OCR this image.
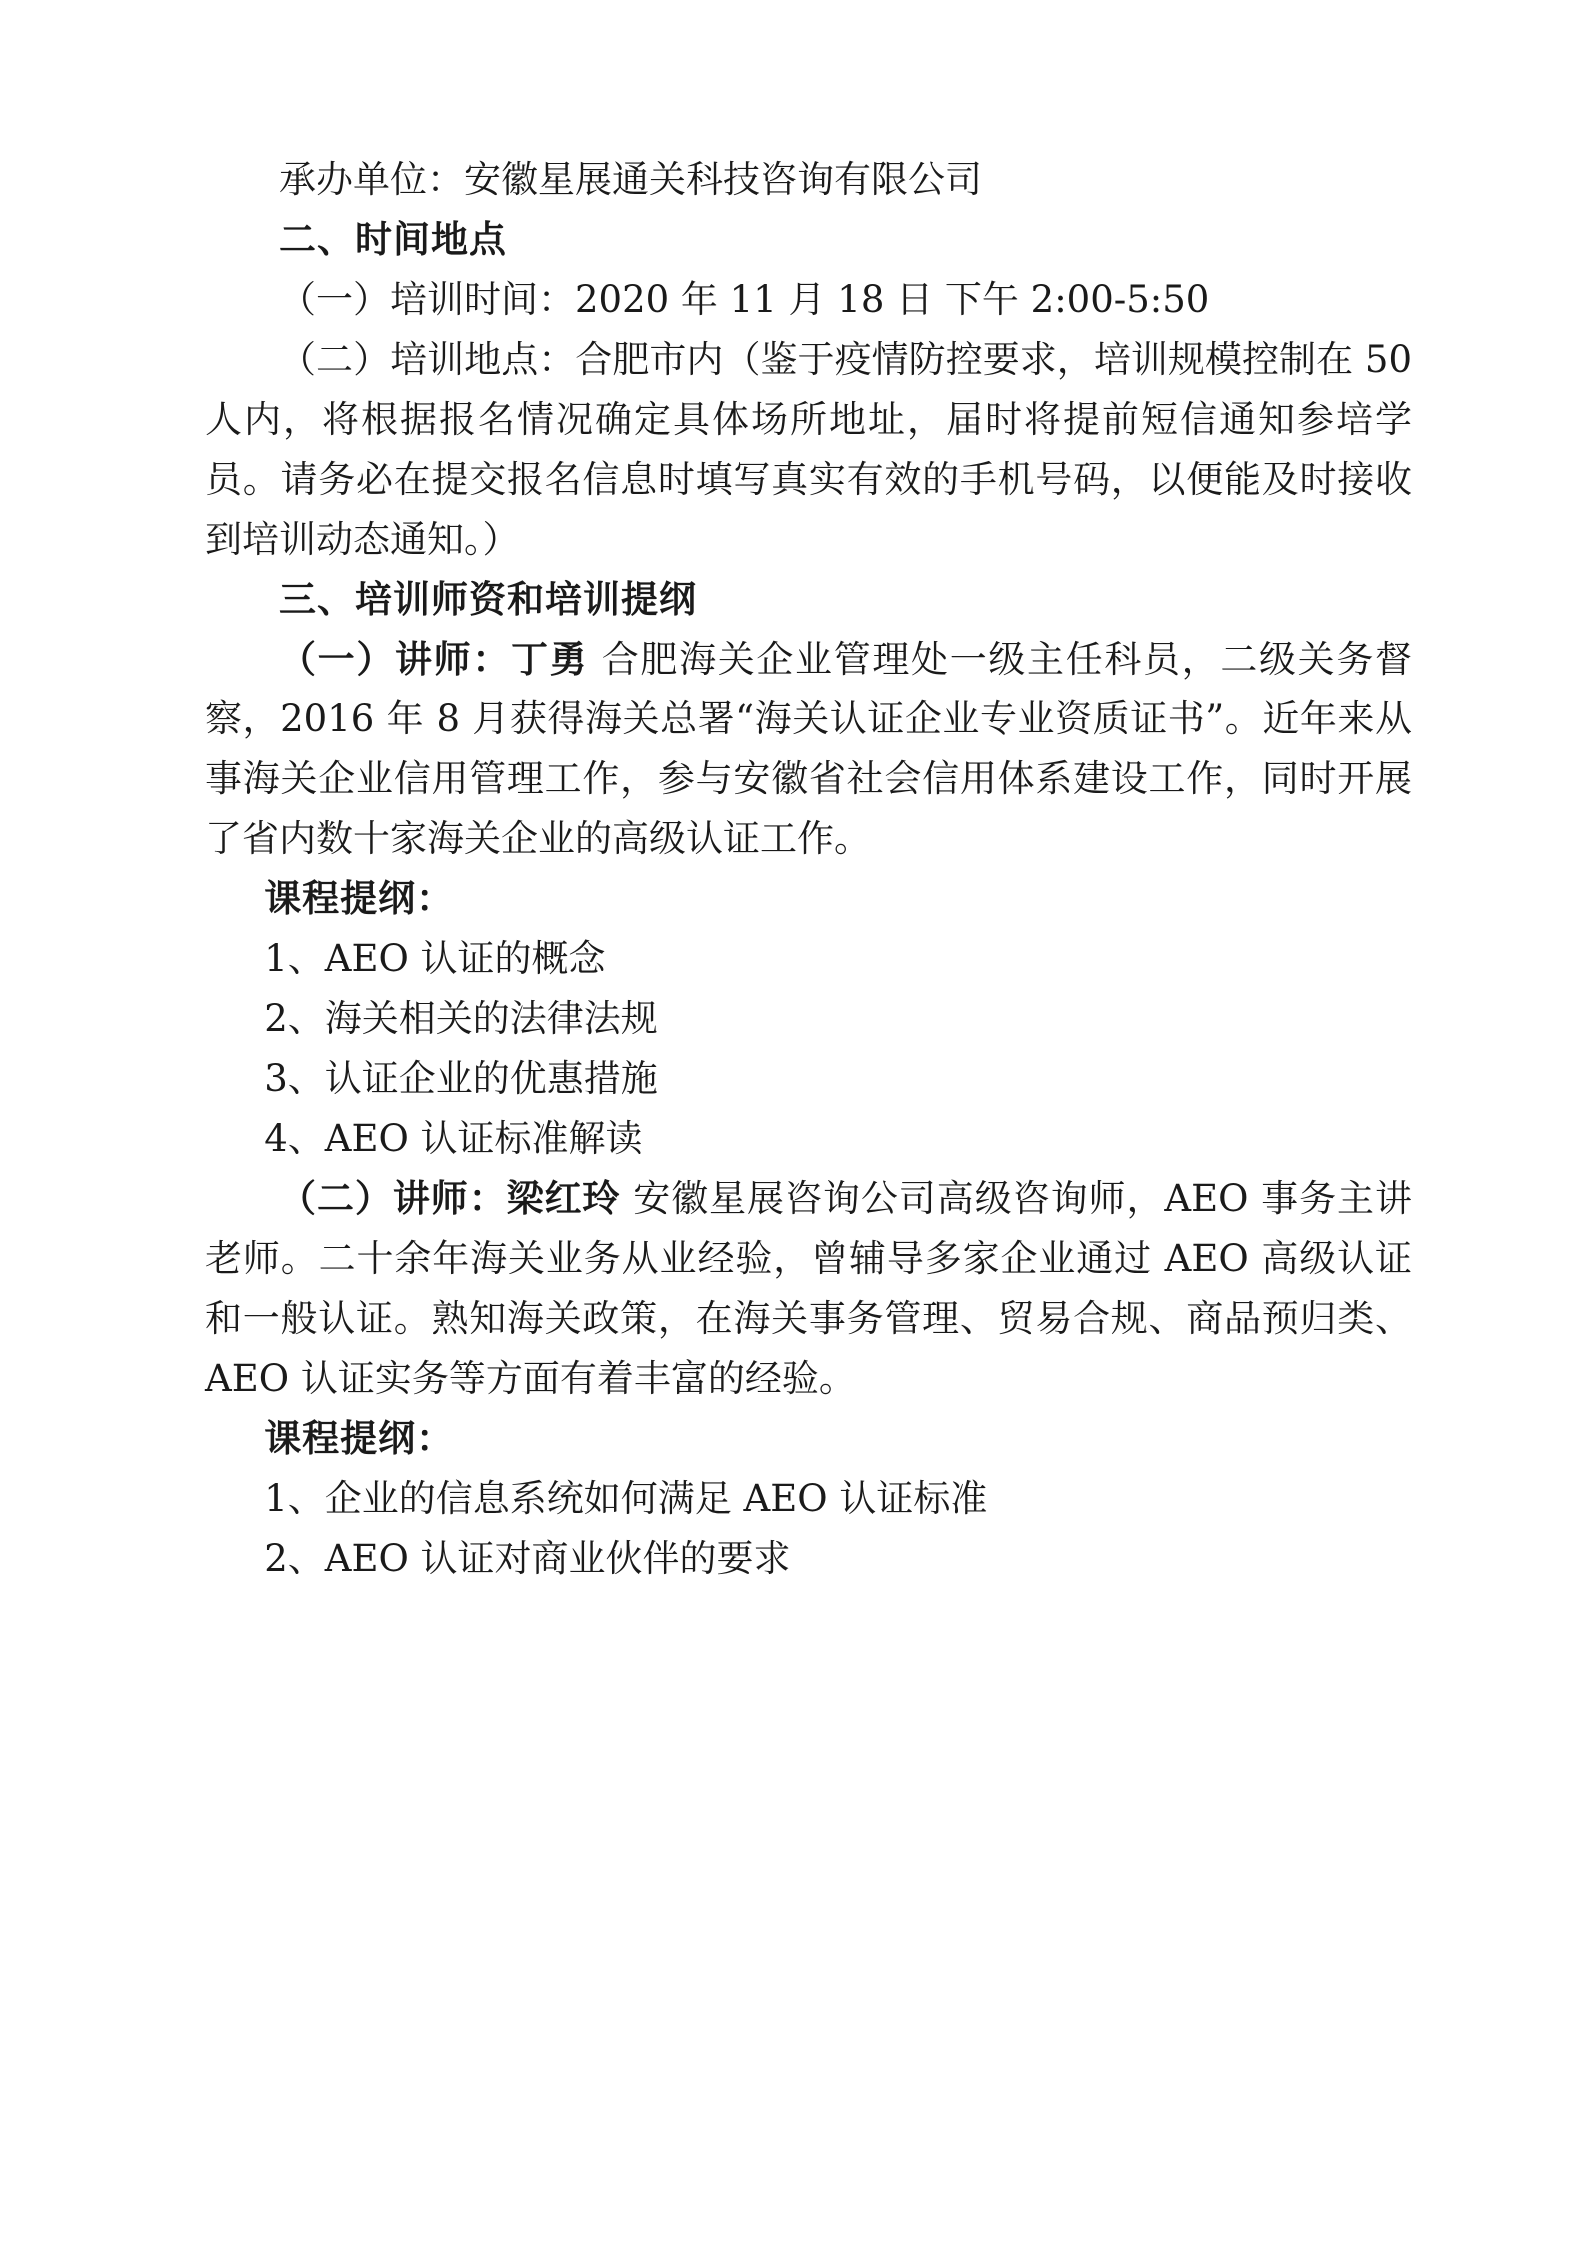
承办单位：安徽星展通关科技咨询有限公司

二、时间地点

（一）培训时间：2020 年 11 月 18 日 下午 2:00-5:50

（二）培训地点：合肥市内（鉴于疫情防控要求，培训规模控制在 50 人内，将根据报名情况确定具体场所地址，届时将提前短信通知参培学员。请务必在提交报名信息时填写真实有效的手机号码，以便能及时接收到培训动态通知。）

三、培训师资和培训提纲

（一）讲师：丁勇 合肥海关企业管理处一级主任科员，二级关务督察，2016 年 8 月获得海关总署“海关认证企业专业资质证书”。近年来从事海关企业信用管理工作，参与安徽省社会信用体系建设工作，同时开展了省内数十家海关企业的高级认证工作。

课程提纲：

1、AEO 认证的概念

2、海关相关的法律法规

3、认证企业的优惠措施

4、AEO 认证标准解读

（二）讲师：梁红玲 安徽星展咨询公司高级咨询师，AEO 事务主讲老师。二十余年海关业务从业经验，曾辅导多家企业通过 AEO 高级认证和一般认证。熟知海关政策，在海关事务管理、贸易合规、商品预归类、AEO 认证实务等方面有着丰富的经验。

课程提纲：

1、企业的信息系统如何满足 AEO 认证标准

2、AEO 认证对商业伙伴的要求
